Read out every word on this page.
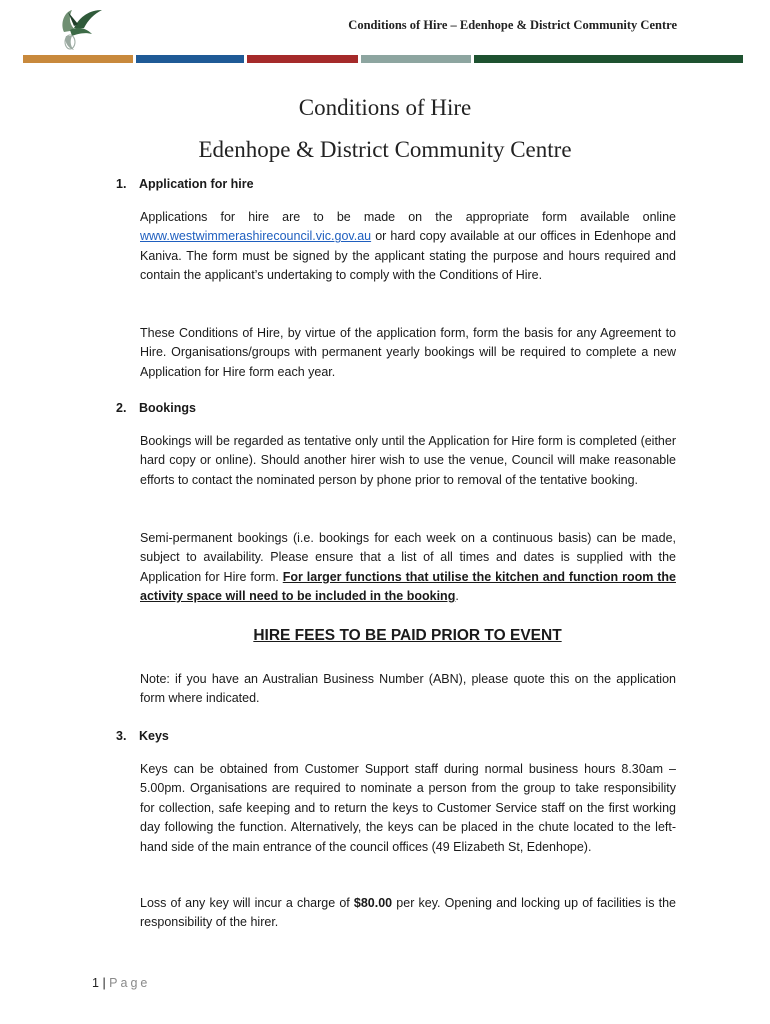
Conditions of Hire – Edenhope & District Community Centre
Conditions of Hire
Edenhope & District Community Centre
1. Application for hire

Applications for hire are to be made on the appropriate form available online www.westwimmerashirecouncil.vic.gov.au or hard copy available at our offices in Edenhope and Kaniva. The form must be signed by the applicant stating the purpose and hours required and contain the applicant’s undertaking to comply with the Conditions of Hire.

These Conditions of Hire, by virtue of the application form, form the basis for any Agreement to Hire. Organisations/groups with permanent yearly bookings will be required to complete a new Application for Hire form each year.

2. Bookings

Bookings will be regarded as tentative only until the Application for Hire form is completed (either hard copy or online). Should another hirer wish to use the venue, Council will make reasonable efforts to contact the nominated person by phone prior to removal of the tentative booking.

Semi-permanent bookings (i.e. bookings for each week on a continuous basis) can be made, subject to availability. Please ensure that a list of all times and dates is supplied with the Application for Hire form. For larger functions that utilise the kitchen and function room the activity space will need to be included in the booking.

HIRE FEES TO BE PAID PRIOR TO EVENT

Note: if you have an Australian Business Number (ABN), please quote this on the application form where indicated.

3. Keys

Keys can be obtained from Customer Support staff during normal business hours 8.30am – 5.00pm. Organisations are required to nominate a person from the group to take responsibility for collection, safe keeping and to return the keys to Customer Service staff on the first working day following the function. Alternatively, the keys can be placed in the chute located to the left-hand side of the main entrance of the council offices (49 Elizabeth St, Edenhope).

Loss of any key will incur a charge of $80.00 per key. Opening and locking up of facilities is the responsibility of the hirer.

1 | Page
